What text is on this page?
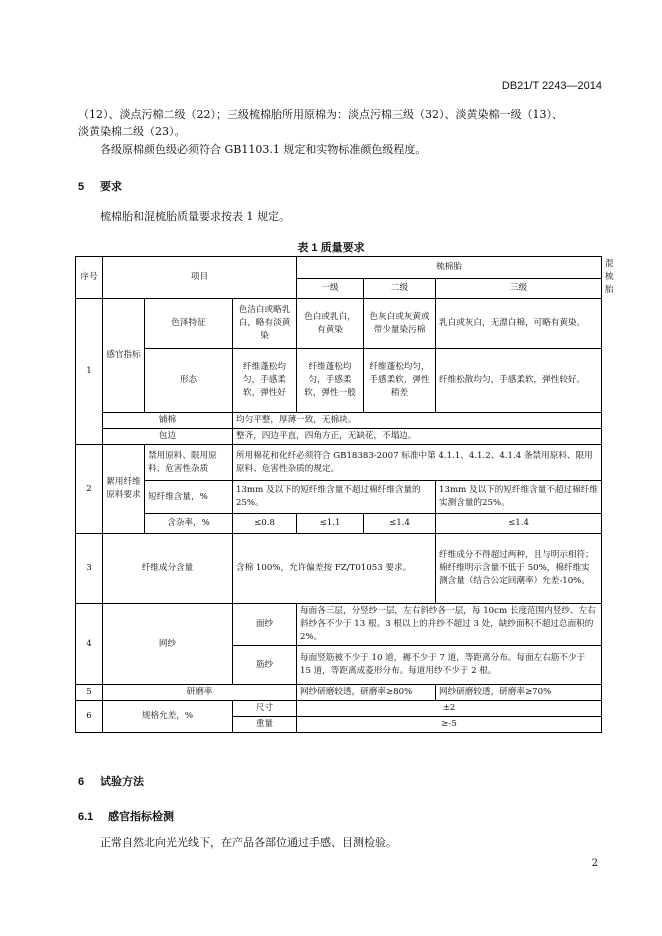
DB21/T 2243—2014
（12）、淡点污棉二级（22）；三级梳棉胎所用原棉为：淡点污棉三级（32）、淡黄染棉一级（13）、
淡黄染棉二级（23）。
各级原棉颜色级必须符合 GB1103.1 规定和实物标准颜色级程度。
5 要求
梳棉胎和混梳胎质量要求按表 1 规定。
表 1 质量要求
序号	项目			梳棉胎			混梳胎
				一级	二级	三级	
1	感官指标	色泽特征	色洁白或略乳白，略有淡黄染	色白或乳白，有黄染	色灰白或灰黄或带少量染污棉	乳白或灰白，无漂白棉，可略有黄染。	
		形态	纤维蓬松均匀，手感柔软，弹性好	纤维蓬松均匀，手感柔软，弹性一般	纤维蓬松均匀，手感柔软，弹性稍差	纤维松散均匀，手感柔软，弹性较好。	
	铺棉		均匀平整，厚薄一致，无棉块。				
	包边		整齐，四边平直，四角方正，无缺花，不塌边。				
2	絮用纤维原料要求	禁用原料、限用原料、危害性杂质	所用棉花和化纤必须符合 GB18383-2007 标准中第 4.1.1、4.1.2、4.1.4 条禁用原料、限用原料、危害性杂质的规定。				
		短纤维含量，%	13mm 及以下的短纤维含量不超过棉纤维含量的 25%。			13mm 及以下的短纤维含量不超过棉纤维实测含量的25%。	
		含杂率，%	≤0.8	≤1.1	≤1.4	≤1.4	
3	纤维成分含量		含棉 100%，允许偏差按 FZ/T01053 要求。			纤维成分不得超过两种，且与明示相符；棉纤维明示含量不低于 50%，棉纤维实测含量（结合公定回潮率）允差-10%。	
4	网纱		面纱	每面各三层，分竖纱一层，左右斜纱各一层，每 10cm 长度范围内竖纱、左右斜纱各不少于 13 根。3 根以上的并纱不超过 3 处，缺纱面积不超过总面积的 2%。			
			筋纱	每面竖筋被不少于 10 道，褥不少于 7 道，等距离分布。每面左右筋不少于 15 道，等距离成菱形分布。每道用纱不少于 2 根。			
5	研磨率			网纱研磨较透，研磨率≥80%		网纱研磨较透，研磨率≥70%	
6	规格允差，%		尺寸	±2			
			重量	≥-5			
6 试验方法
6.1 感官指标检测
正常自然北向光光线下，在产品各部位通过手感、目测检验。
2
